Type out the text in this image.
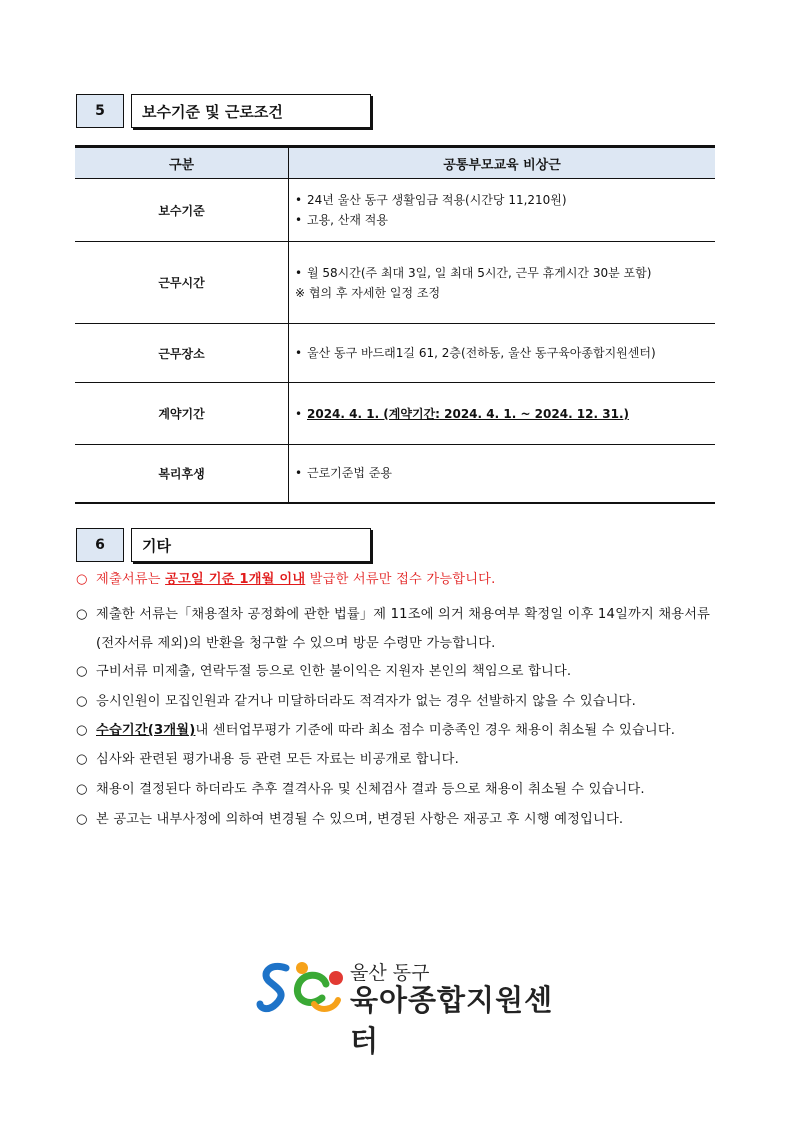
5	보수기준 및 근로조건
구분	공통부모교육 비상근
보수기준	• 24년 울산 동구 생활임금 적용(시간당 11,210원)
• 고용, 산재 적용

근무시간	• 월 58시간(주 최대 3일, 일 최대 5시간, 근무 휴게시간 30분 포함)
※ 협의 후 자세한 일정 조정

근무장소	• 울산 동구 바드래1길 61, 2층(전하동, 울산 동구육아종합지원센터)

계약기간	• 2024. 4. 1. (계약기간: 2024. 4. 1. ~ 2024. 12. 31.)

복리후생	• 근로기준법 준용
6	기타
○ 제출서류는 공고일 기준 1개월 이내 발급한 서류만 접수 가능합니다.
○ 제출한 서류는「채용절차 공정화에 관한 법률」제 11조에 의거 채용여부 확정일 이후 14일까지 채용서류(전자서류 제외)의 반환을 청구할 수 있으며 방문 수령만 가능합니다.
○ 구비서류 미제출, 연락두절 등으로 인한 불이익은 지원자 본인의 책임으로 합니다.
○ 응시인원이 모집인원과 같거나 미달하더라도 적격자가 없는 경우 선발하지 않을 수 있습니다.
○ 수습기간(3개월)내 센터업무평가 기준에 따라 최소 점수 미충족인 경우 채용이 취소될 수 있습니다.
○ 심사와 관련된 평가내용 등 관련 모든 자료는 비공개로 합니다.
○ 채용이 결정된다 하더라도 추후 결격사유 및 신체검사 결과 등으로 채용이 취소될 수 있습니다.
○ 본 공고는 내부사정에 의하여 변경될 수 있으며, 변경된 사항은 재공고 후 시행 예정입니다.
울산 동구
육아종합지원센터
